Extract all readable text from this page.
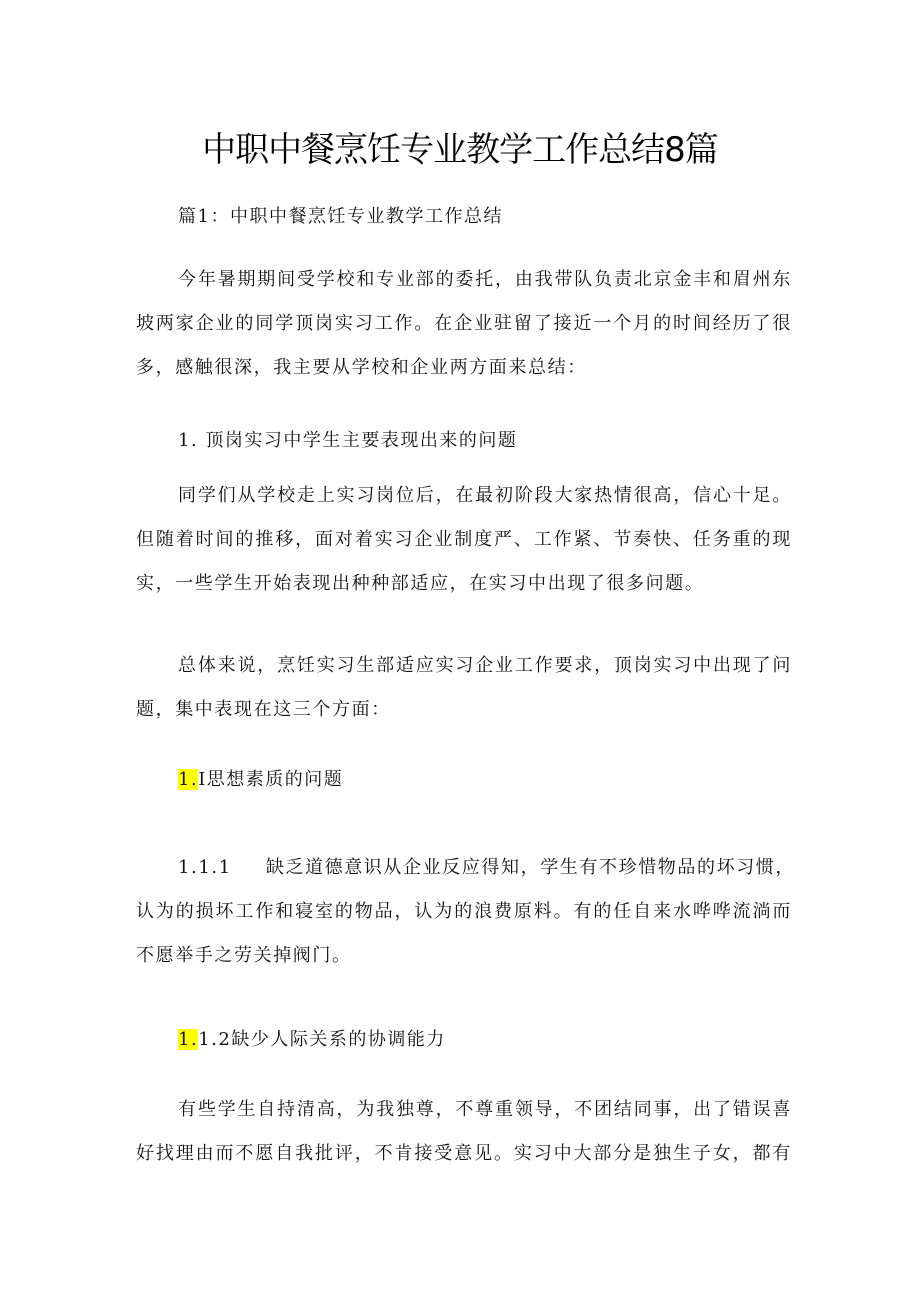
中职中餐烹饪专业教学工作总结8篇
篇1：中职中餐烹饪专业教学工作总结
今年暑期期间受学校和专业部的委托，由我带队负责北京金丰和眉州东
坡两家企业的同学顶岗实习工作。在企业驻留了接近一个月的时间经历了很
多，感触很深，我主要从学校和企业两方面来总结：
1. 顶岗实习中学生主要表现出来的问题
同学们从学校走上实习岗位后，在最初阶段大家热情很高，信心十足。
但随着时间的推移，面对着实习企业制度严、工作紧、节奏快、任务重的现
实，一些学生开始表现出种种部适应，在实习中出现了很多问题。
总体来说，烹饪实习生部适应实习企业工作要求，顶岗实习中出现了问
题，集中表现在这三个方面：
1.I思想素质的问题
1.1.1 缺乏道德意识从企业反应得知，学生有不珍惜物品的坏习惯，
认为的损坏工作和寝室的物品，认为的浪费原料。有的任自来水哗哗流淌而
不愿举手之劳关掉阀门。
1.1.2缺少人际关系的协调能力
有些学生自持清高，为我独尊，不尊重领导，不团结同事，出了错误喜
好找理由而不愿自我批评，不肯接受意见。实习中大部分是独生子女，都有
